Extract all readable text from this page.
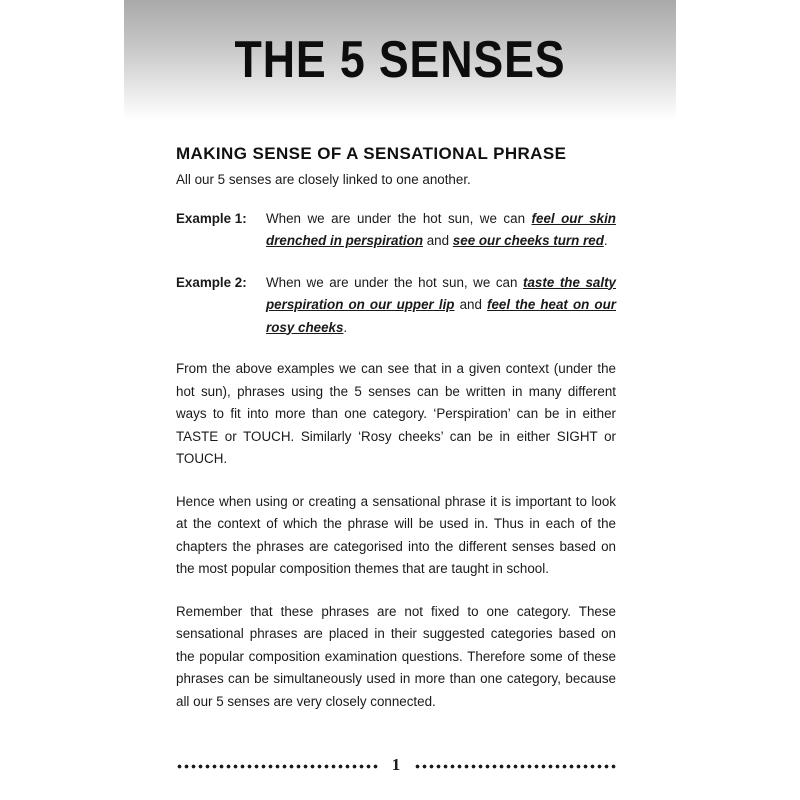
THE 5 SENSES
MAKING SENSE OF A SENSATIONAL PHRASE

All our 5 senses are closely linked to one another.

Example 1:	When we are under the hot sun, we can feel our skin drenched in perspiration and see our cheeks turn red.
Example 2:	When we are under the hot sun, we can taste the salty perspiration on our upper lip and feel the heat on our rosy cheeks.

From the above examples we can see that in a given context (under the hot sun), phrases using the 5 senses can be written in many different ways to fit into more than one category. ‘Perspiration’ can be in either TASTE or TOUCH. Similarly ‘Rosy cheeks’ can be in either SIGHT or TOUCH.

Hence when using or creating a sensational phrase it is important to look at the context of which the phrase will be used in. Thus in each of the chapters the phrases are categorised into the different senses based on the most popular composition themes that are taught in school.

Remember that these phrases are not fixed to one category. These sensational phrases are placed in their suggested categories based on the popular composition examination questions. Therefore some of these phrases can be simultaneously used in more than one category, because all our 5 senses are very closely connected.

1
